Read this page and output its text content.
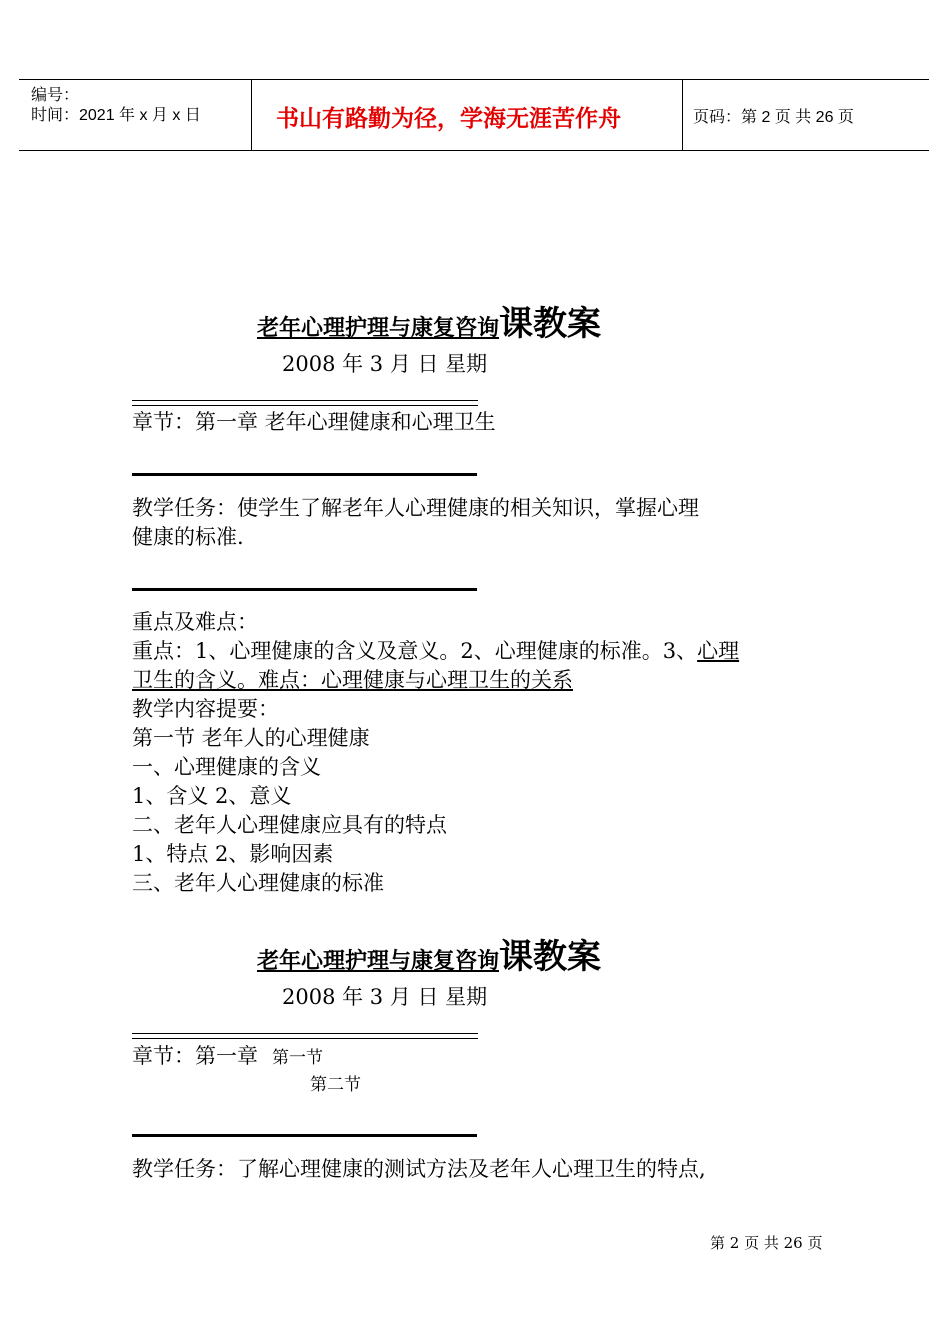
编号：
时间：2021 年 x 月 x 日	书山有路勤为径，学海无涯苦作舟	页码：第 2 页 共 26 页
老年心理护理与康复咨询课教案
2008 年 3 月 日 星期
章节：第一章 老年心理健康和心理卫生
教学任务：使学生了解老年人心理健康的相关知识，掌握心理
健康的标准.
重点及难点：
重点：1、心理健康的含义及意义。2、心理健康的标准。3、心理
卫生的含义。难点：心理健康与心理卫生的关系
教学内容提要：
第一节 老年人的心理健康
一、心理健康的含义
1、含义 2、意义
二、老年人心理健康应具有的特点
1、特点 2、影响因素
三、老年人心理健康的标准
老年心理护理与康复咨询课教案
2008 年 3 月 日 星期
章节：第一章 第一节
第二节
教学任务：了解心理健康的测试方法及老年人心理卫生的特点,
第 2 页 共 26 页
